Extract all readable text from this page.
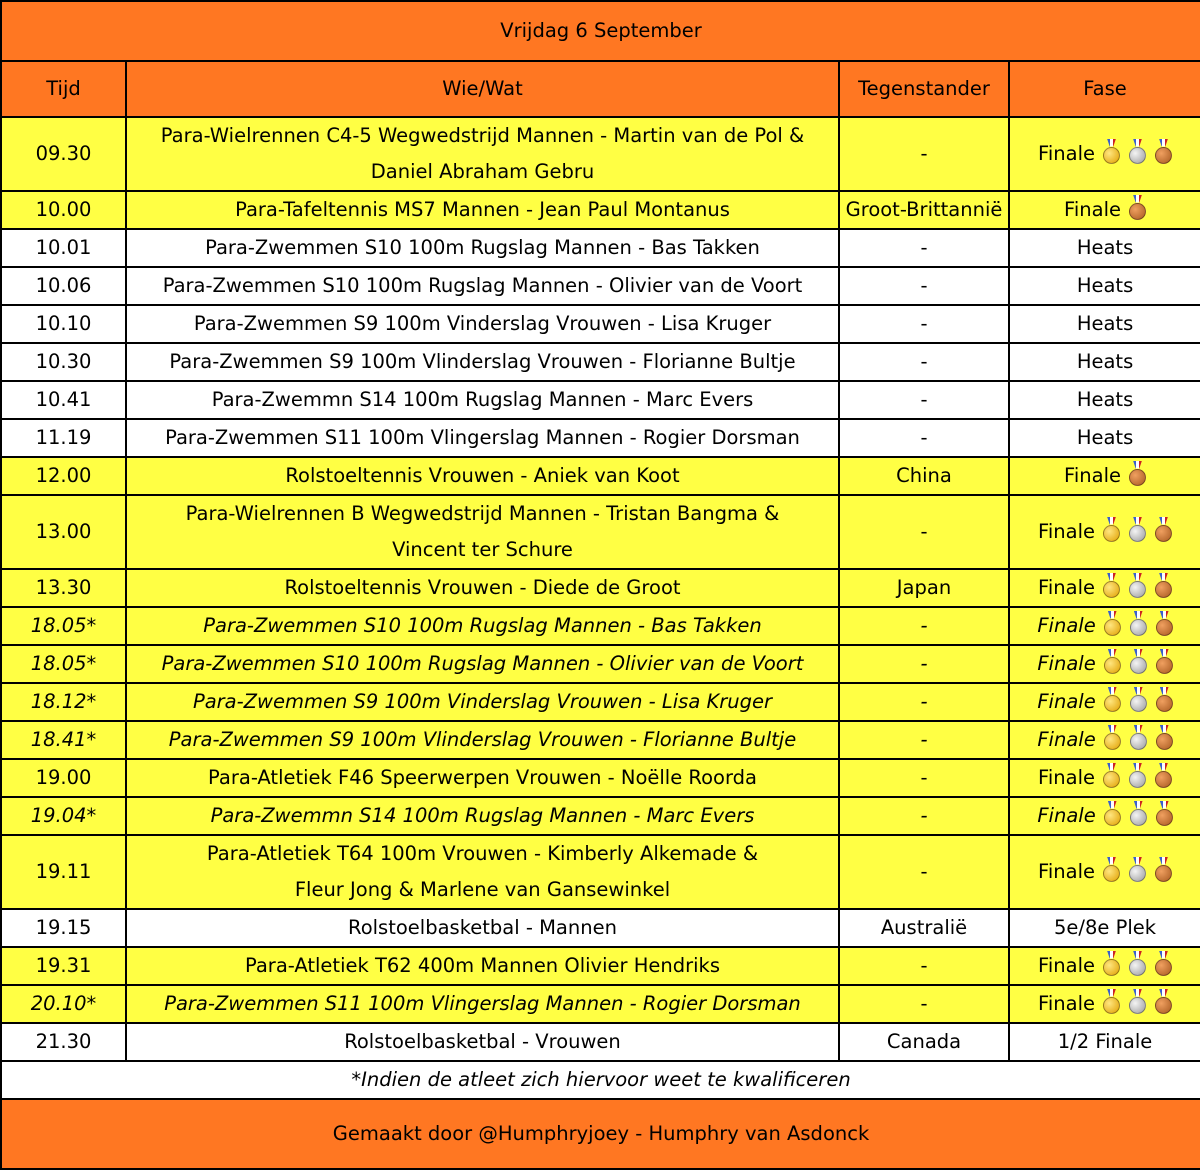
Vrijdag 6 September			
Tijd	Wie/Wat	Tegenstander	Fase
09.30	Para-Wielrennen C4-5 Wegwedstrijd Mannen - Martin van de Pol &
Daniel Abraham Gebru	-	Finale

10.00	Para-Tafeltennis MS7 Mannen - Jean Paul Montanus	Groot-Brittannië	Finale

10.01	Para-Zwemmen S10 100m Rugslag Mannen - Bas Takken	-	Heats

10.06	Para-Zwemmen S10 100m Rugslag Mannen - Olivier van de Voort	-	Heats

10.10	Para-Zwemmen S9 100m Vinderslag Vrouwen - Lisa Kruger	-	Heats

10.30	Para-Zwemmen S9 100m Vlinderslag Vrouwen - Florianne Bultje	-	Heats

10.41	Para-Zwemmn S14 100m Rugslag Mannen - Marc Evers	-	Heats

11.19	Para-Zwemmen S11 100m Vlingerslag Mannen - Rogier Dorsman	-	Heats

12.00	Rolstoeltennis Vrouwen - Aniek van Koot	China	Finale

13.00	Para-Wielrennen B Wegwedstrijd Mannen - Tristan Bangma &
Vincent ter Schure	-	Finale

13.30	Rolstoeltennis Vrouwen - Diede de Groot	Japan	Finale

18.05*	Para-Zwemmen S10 100m Rugslag Mannen - Bas Takken	-	Finale

18.05*	Para-Zwemmen S10 100m Rugslag Mannen - Olivier van de Voort	-	Finale

18.12*	Para-Zwemmen S9 100m Vinderslag Vrouwen - Lisa Kruger	-	Finale

18.41*	Para-Zwemmen S9 100m Vlinderslag Vrouwen - Florianne Bultje	-	Finale

19.00	Para-Atletiek F46 Speerwerpen Vrouwen - Noëlle Roorda	-	Finale

19.04*	Para-Zwemmn S14 100m Rugslag Mannen - Marc Evers	-	Finale

19.11	Para-Atletiek T64 100m Vrouwen - Kimberly Alkemade &
Fleur Jong & Marlene van Gansewinkel	-	Finale

19.15	Rolstoelbasketbal - Mannen	Australië	5e/8e Plek

19.31	Para-Atletiek T62 400m Mannen Olivier Hendriks	-	Finale

20.10*	Para-Zwemmen S11 100m Vlingerslag Mannen - Rogier Dorsman	-	Finale

21.30	Rolstoelbasketbal - Vrouwen	Canada	1/2 Finale

*Indien de atleet zich hiervoor weet te kwalificeren			
Gemaakt door @Humphryjoey - Humphry van Asdonck			
